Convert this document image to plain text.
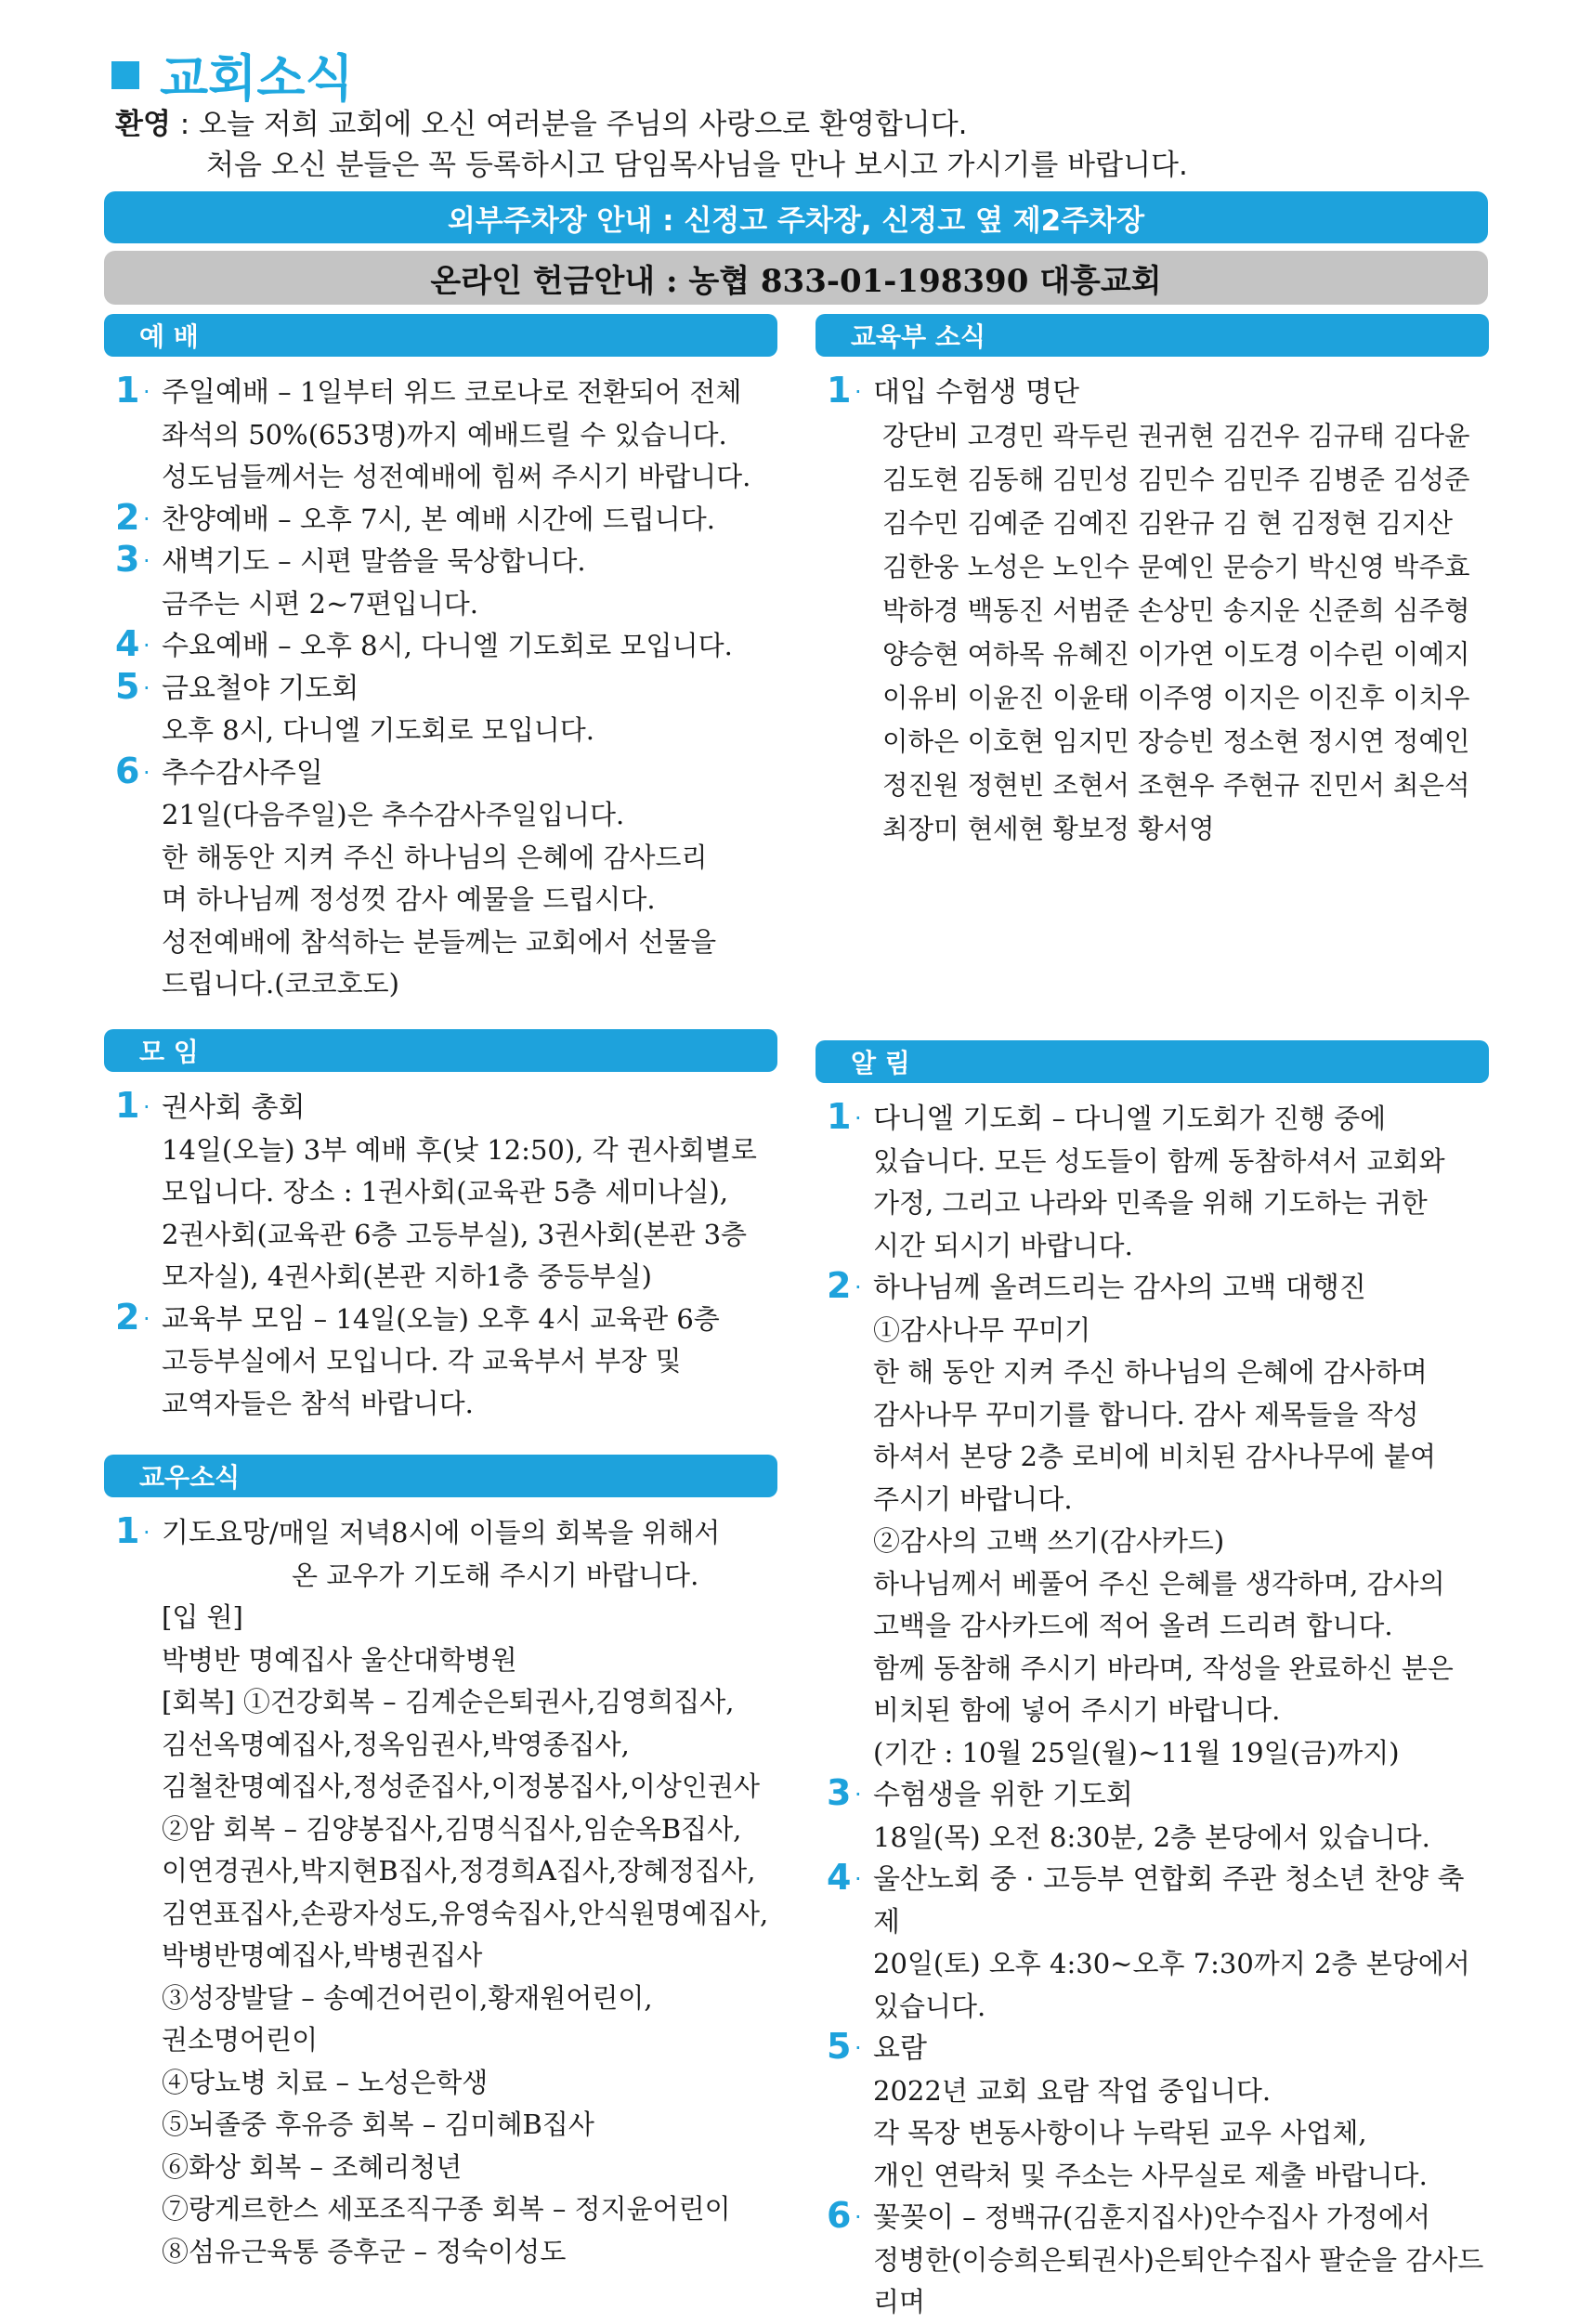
교회소식
환영 : 오늘 저희 교회에 오신 여러분을 주님의 사랑으로 환영합니다.
처음 오신 분들은 꼭 등록하시고 담임목사님을 만나 보시고 가시기를 바랍니다.
외부주차장 안내 : 신정고 주차장, 신정고 옆 제2주차장
온라인 헌금안내 : 농협 833-01-198390 대흥교회
예 배
1 · 주일예배 – 1일부터 위드 코로나로 전환되어 전체
좌석의 50%(653명)까지 예배드릴 수 있습니다.
성도님들께서는 성전예배에 힘써 주시기 바랍니다.
2 · 찬양예배 – 오후 7시, 본 예배 시간에 드립니다.
3 · 새벽기도 – 시편 말씀을 묵상합니다.
금주는 시편 2~7편입니다.
4 · 수요예배 – 오후 8시, 다니엘 기도회로 모입니다.
5 · 금요철야 기도회
오후 8시, 다니엘 기도회로 모입니다.
6 · 추수감사주일
21일(다음주일)은 추수감사주일입니다.
한 해동안 지켜 주신 하나님의 은혜에 감사드리
며 하나님께 정성껏 감사 예물을 드립시다.
성전예배에 참석하는 분들께는 교회에서 선물을
드립니다.(코코호도)
교육부 소식
1 · 대입 수험생 명단
강단비 고경민 곽두린 권귀현 김건우 김규태 김다윤
김도현 김동해 김민성 김민수 김민주 김병준 김성준
김수민 김예준 김예진 김완규 김 현 김정현 김지산
김한웅 노성은 노인수 문예인 문승기 박신영 박주효
박하경 백동진 서범준 손상민 송지운 신준희 심주형
양승현 여하목 유혜진 이가연 이도경 이수린 이예지
이유비 이윤진 이윤태 이주영 이지은 이진후 이치우
이하은 이호현 임지민 장승빈 정소현 정시연 정예인
정진원 정현빈 조현서 조현우 주현규 진민서 최은석
최장미 현세현 황보정 황서영
모 임
1 · 권사회 총회
14일(오늘) 3부 예배 후(낮 12:50), 각 권사회별로
모입니다. 장소 : 1권사회(교육관 5층 세미나실),
2권사회(교육관 6층 고등부실), 3권사회(본관 3층
모자실), 4권사회(본관 지하1층 중등부실)
2 · 교육부 모임 – 14일(오늘) 오후 4시 교육관 6층
고등부실에서 모입니다. 각 교육부서 부장 및
교역자들은 참석 바랍니다.
교우소식
1 · 기도요망/매일 저녁8시에 이들의 회복을 위해서
온 교우가 기도해 주시기 바랍니다.
[입 원]
박병반 명예집사 울산대학병원
[회복] ①건강회복 – 김계순은퇴권사,김영희집사,
김선옥명예집사,정옥임권사,박영종집사,
김철찬명예집사,정성준집사,이정봉집사,이상인권사
②암 회복 – 김양봉집사,김명식집사,임순옥B집사,
이연경권사,박지현B집사,정경희A집사,장혜정집사,
김연표집사,손광자성도,유영숙집사,안식원명예집사,
박병반명예집사,박병권집사
③성장발달 – 송예건어린이,황재원어린이,
권소명어린이
④당뇨병 치료 – 노성은학생
⑤뇌졸중 후유증 회복 – 김미혜B집사
⑥화상 회복 – 조혜리청년
⑦랑게르한스 세포조직구종 회복 – 정지윤어린이
⑧섬유근육통 증후군 – 정숙이성도
알 림
1 · 다니엘 기도회 – 다니엘 기도회가 진행 중에
있습니다. 모든 성도들이 함께 동참하셔서 교회와
가정, 그리고 나라와 민족을 위해 기도하는 귀한
시간 되시기 바랍니다.
2 · 하나님께 올려드리는 감사의 고백 대행진
①감사나무 꾸미기
한 해 동안 지켜 주신 하나님의 은혜에 감사하며
감사나무 꾸미기를 합니다. 감사 제목들을 작성
하셔서 본당 2층 로비에 비치된 감사나무에 붙여
주시기 바랍니다.
②감사의 고백 쓰기(감사카드)
하나님께서 베풀어 주신 은혜를 생각하며, 감사의
고백을 감사카드에 적어 올려 드리려 합니다.
함께 동참해 주시기 바라며, 작성을 완료하신 분은
비치된 함에 넣어 주시기 바랍니다.
(기간 : 10월 25일(월)~11월 19일(금)까지)
3 · 수험생을 위한 기도회
18일(목) 오전 8:30분, 2층 본당에서 있습니다.
4 · 울산노회 중 · 고등부 연합회 주관 청소년 찬양 축제
20일(토) 오후 4:30~오후 7:30까지 2층 본당에서
있습니다.
5 · 요람
2022년 교회 요람 작업 중입니다.
각 목장 변동사항이나 누락된 교우 사업체,
개인 연락처 및 주소는 사무실로 제출 바랍니다.
6 · 꽃꽂이 – 정백규(김훈지집사)안수집사 가정에서
정병한(이승희은퇴권사)은퇴안수집사 팔순을 감사드리며
